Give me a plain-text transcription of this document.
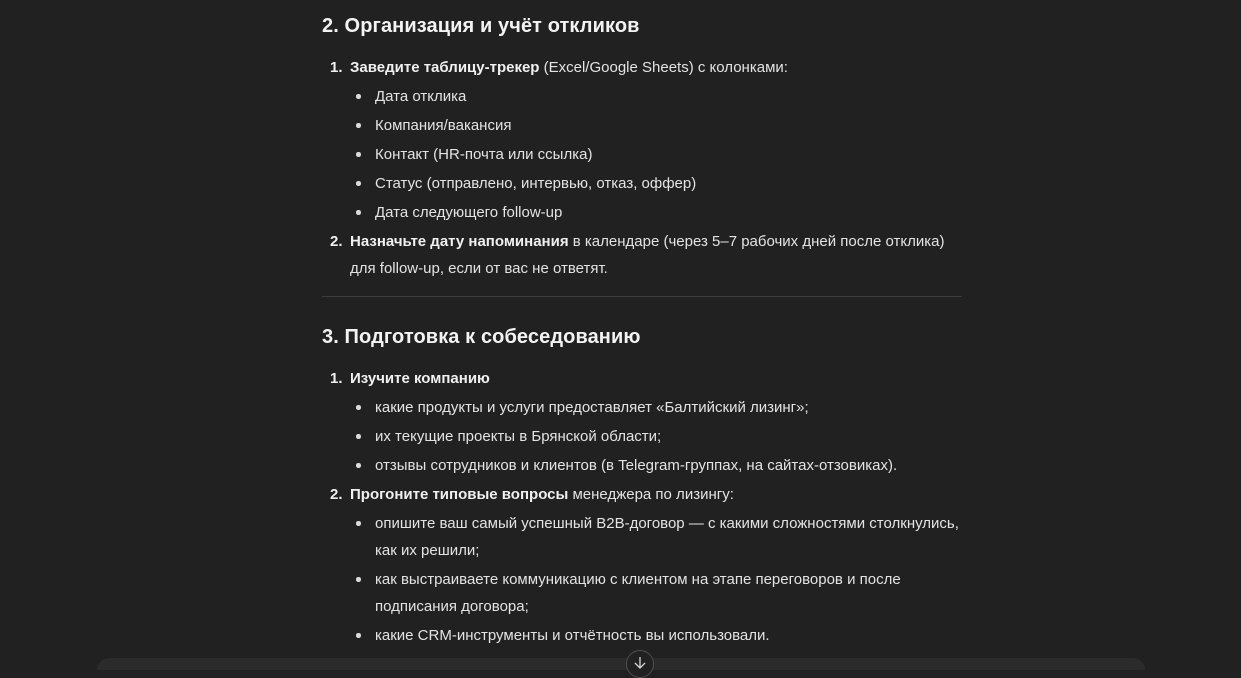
2. Организация и учёт откликов
1. Заведите таблицу-трекер (Excel/Google Sheets) с колонками:
Дата отклика
Компания/вакансия
Контакт (HR-почта или ссылка)
Статус (отправлено, интервью, отказ, оффер)
Дата следующего follow-up
2. Назначьте дату напоминания в календаре (через 5–7 рабочих дней после отклика) для follow-up, если от вас не ответят.
3. Подготовка к собеседованию
1. Изучите компанию
какие продукты и услуги предоставляет «Балтийский лизинг»;
их текущие проекты в Брянской области;
отзывы сотрудников и клиентов (в Telegram-группах, на сайтах-отзовиках).
2. Прогоните типовые вопросы менеджера по лизингу:
опишите ваш самый успешный B2B-договор — с какими сложностями столкнулись, как их решили;
как выстраиваете коммуникацию с клиентом на этапе переговоров и после подписания договора;
какие CRM-инструменты и отчётность вы использовали.
